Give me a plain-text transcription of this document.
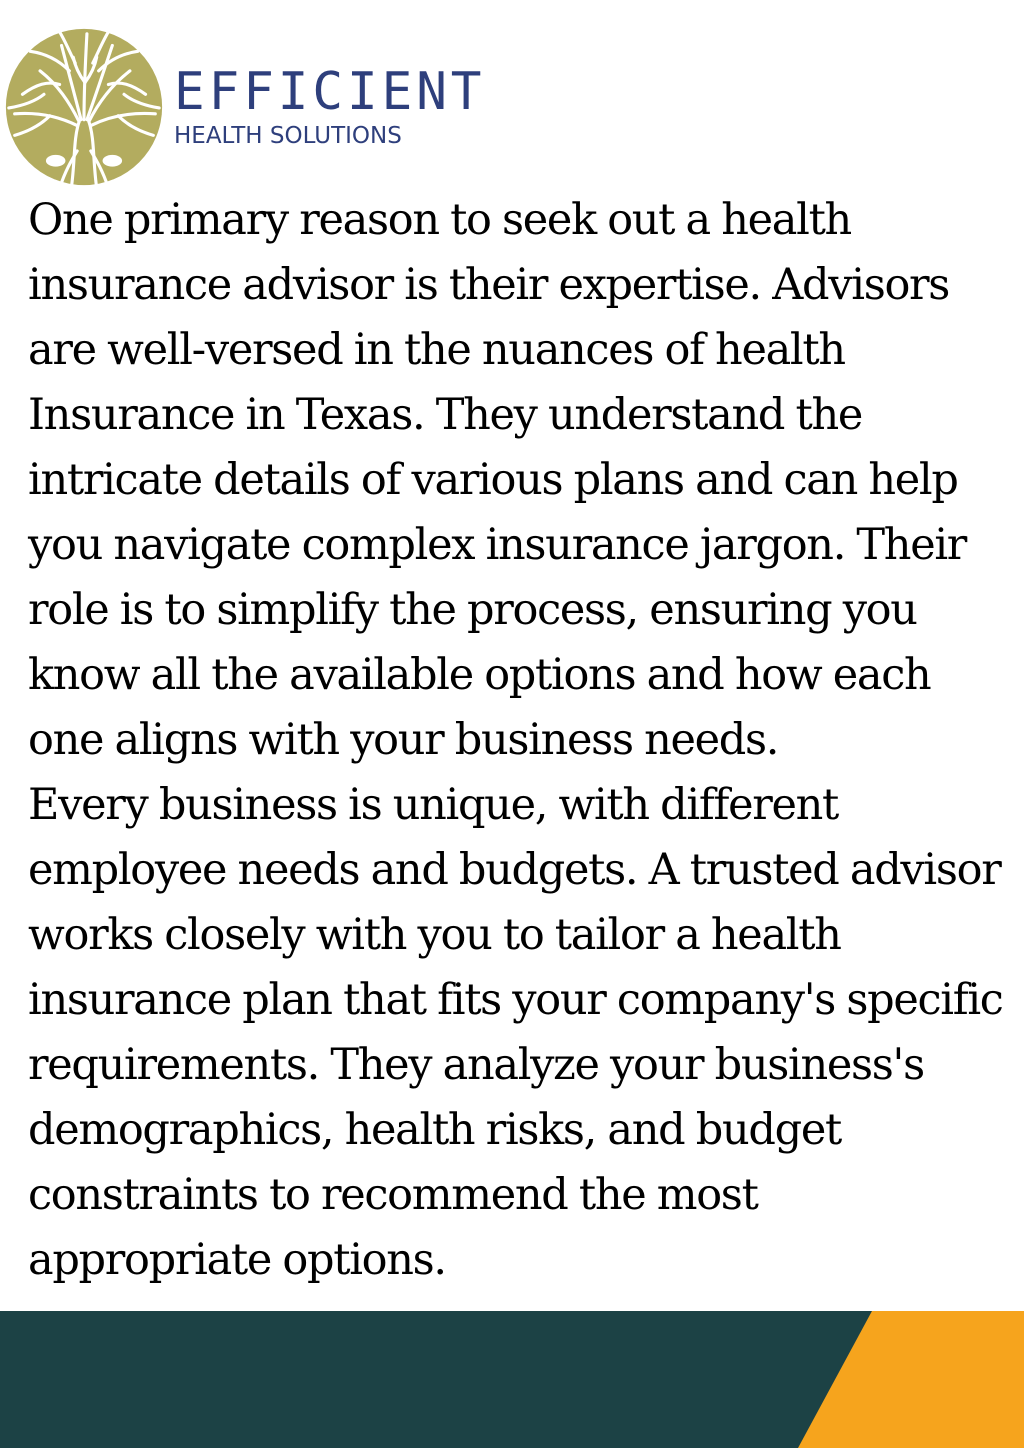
EFFICIENT
HEALTH SOLUTIONS

One primary reason to seek out a health insurance advisor is their expertise. Advisors are well-versed in the nuances of health Insurance in Texas. They understand the intricate details of various plans and can help you navigate complex insurance jargon. Their role is to simplify the process, ensuring you know all the available options and how each one aligns with your business needs.

Every business is unique, with different employee needs and budgets. A trusted advisor works closely with you to tailor a health insurance plan that fits your company's specific requirements. They analyze your business's demographics, health risks, and budget constraints to recommend the most appropriate options.
